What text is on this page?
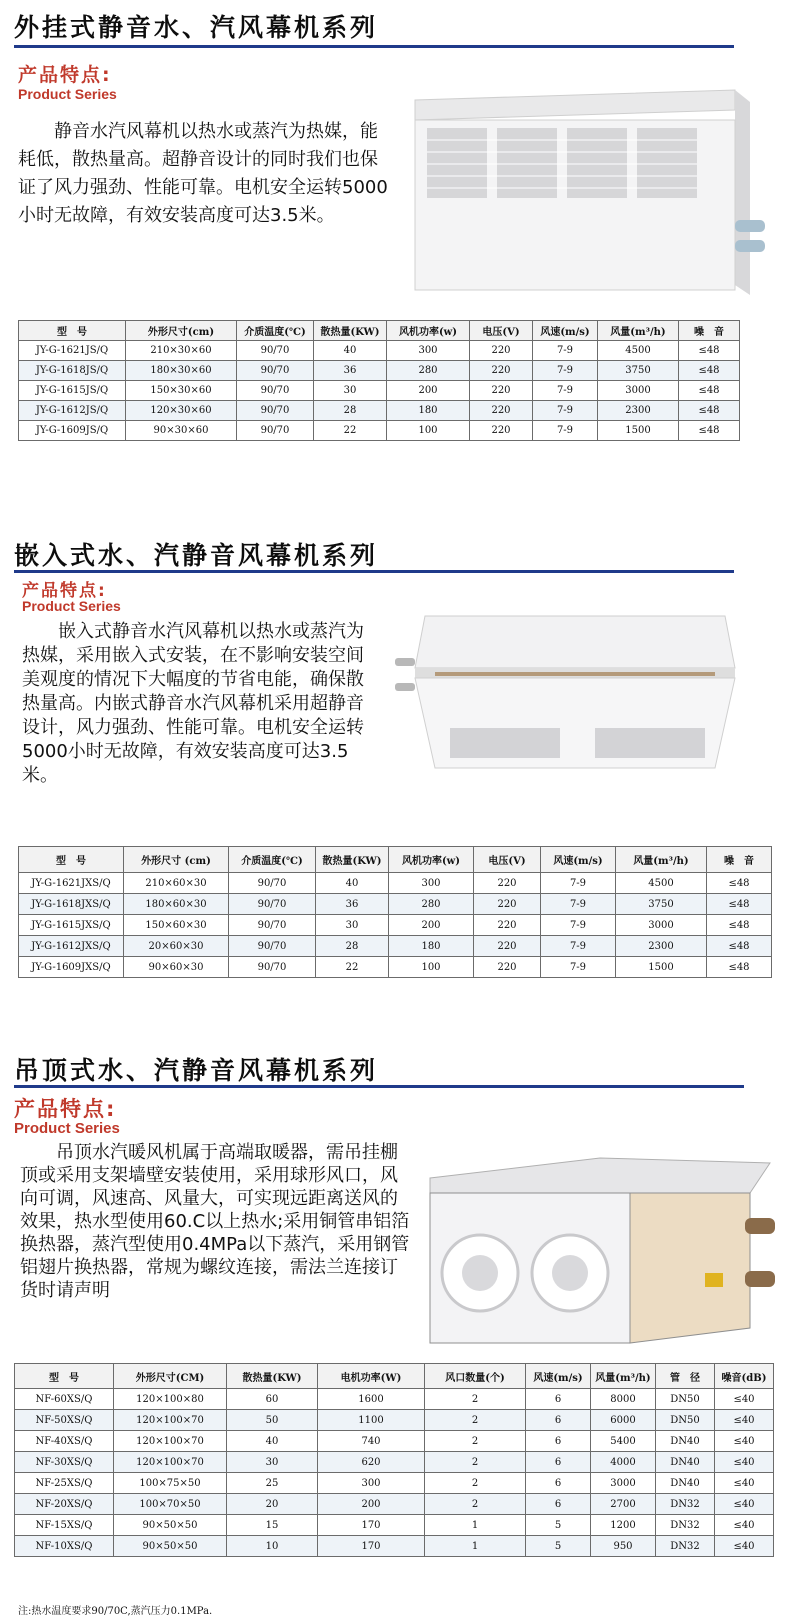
外挂式静音水、汽风幕机系列
产品特点:
Product Series
静音水汽风幕机以热水或蒸汽为热媒，能耗低，散热量高。超静音设计的同时我们也保证了风力强劲、性能可靠。电机安全运转5000小时无故障，有效安装高度可达3.5米。
型　号	外形尺寸(cm)	介质温度(℃)	散热量(KW)	风机功率(w)	电压(V)	风速(m/s)	风量(m³/h)	噪　音
JY-G-1621JS/Q	210×30×60	90/70	40	300	220	7-9	4500	≤48
JY-G-1618JS/Q	180×30×60	90/70	36	280	220	7-9	3750	≤48
JY-G-1615JS/Q	150×30×60	90/70	30	200	220	7-9	3000	≤48
JY-G-1612JS/Q	120×30×60	90/70	28	180	220	7-9	2300	≤48
JY-G-1609JS/Q	90×30×60	90/70	22	100	220	7-9	1500	≤48
嵌入式水、汽静音风幕机系列
产品特点:
Product Series
嵌入式静音水汽风幕机以热水或蒸汽为热媒，采用嵌入式安装，在不影响安装空间美观度的情况下大幅度的节省电能，确保散热量高。内嵌式静音水汽风幕机采用超静音设计，风力强劲、性能可靠。电机安全运转5000小时无故障，有效安装高度可达3.5米。
型　号	外形尺寸 (cm)	介质温度(℃)	散热量(KW)	风机功率(w)	电压(V)	风速(m/s)	风量(m³/h)	噪　音
JY-G-1621JXS/Q	210×60×30	90/70	40	300	220	7-9	4500	≤48
JY-G-1618JXS/Q	180×60×30	90/70	36	280	220	7-9	3750	≤48
JY-G-1615JXS/Q	150×60×30	90/70	30	200	220	7-9	3000	≤48
JY-G-1612JXS/Q	20×60×30	90/70	28	180	220	7-9	2300	≤48
JY-G-1609JXS/Q	90×60×30	90/70	22	100	220	7-9	1500	≤48
吊顶式水、汽静音风幕机系列
产品特点:
Product Series
吊顶水汽暖风机属于高端取暖器，需吊挂棚顶或采用支架墙壁安装使用，采用球形风口，风向可调，风速高、风量大，可实现远距离送风的效果，热水型使用60.C以上热水;采用铜管串铝箔换热器，蒸汽型使用0.4MPa以下蒸汽，采用钢管铝翅片换热器，常规为螺纹连接，需法兰连接订货时请声明
型　号	外形尺寸(CM)	散热量(KW)	电机功率(W)	风口数量(个)	风速(m/s)	风量(m³/h)	管　径	噪音(dB)
NF-60XS/Q	120×100×80	60	1600	2	6	8000	DN50	≤40
NF-50XS/Q	120×100×70	50	1100	2	6	6000	DN50	≤40
NF-40XS/Q	120×100×70	40	740	2	6	5400	DN40	≤40
NF-30XS/Q	120×100×70	30	620	2	6	4000	DN40	≤40
NF-25XS/Q	100×75×50	25	300	2	6	3000	DN40	≤40
NF-20XS/Q	100×70×50	20	200	2	6	2700	DN32	≤40
NF-15XS/Q	90×50×50	15	170	1	5	1200	DN32	≤40
NF-10XS/Q	90×50×50	10	170	1	5	950	DN32	≤40
注:热水温度要求90/70C,蒸汽压力0.1MPa.
